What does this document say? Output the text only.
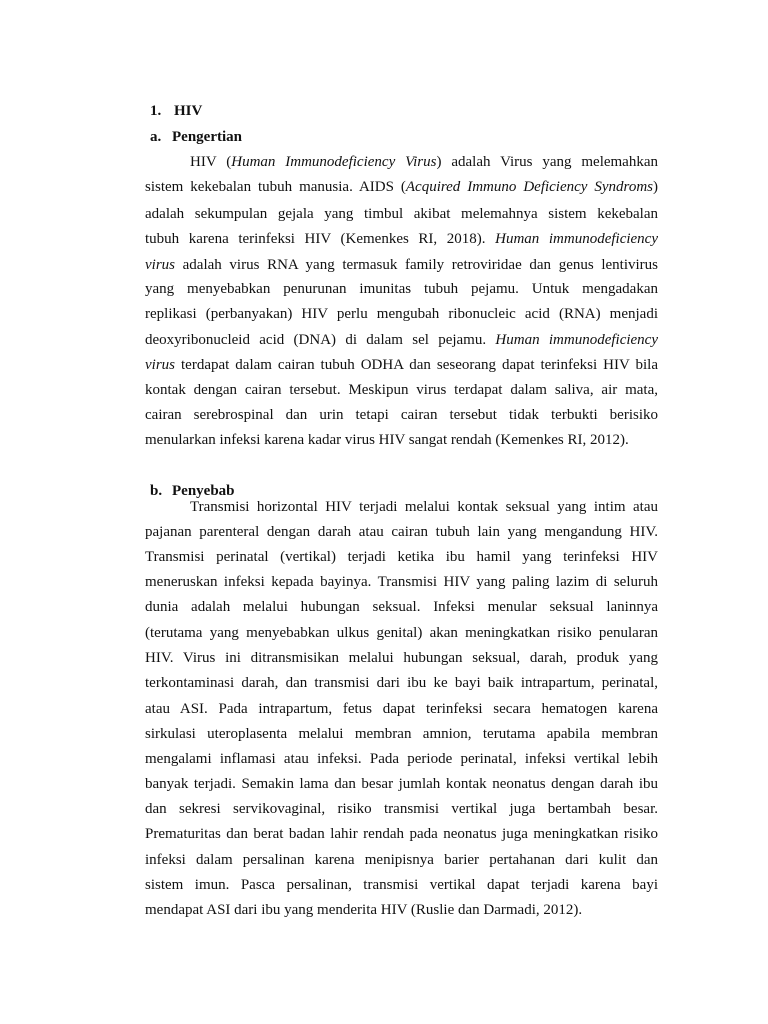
1. HIV
a. Pengertian
HIV (Human Immunodeficiency Virus) adalah Virus yang melemahkan
sistem kekebalan tubuh manusia. AIDS (Acquired Immuno Deficiency Syndroms)
adalah sekumpulan gejala yang timbul akibat melemahnya sistem kekebalan
tubuh karena terinfeksi HIV (Kemenkes RI, 2018). Human immunodeficiency
virus adalah virus RNA yang termasuk family retroviridae dan genus lentivirus
yang menyebabkan penurunan imunitas tubuh pejamu. Untuk mengadakan
replikasi (perbanyakan) HIV perlu mengubah ribonucleic acid (RNA) menjadi
deoxyribonucleid acid (DNA) di dalam sel pejamu. Human immunodeficiency
virus terdapat dalam cairan tubuh ODHA dan seseorang dapat terinfeksi HIV bila
kontak dengan cairan tersebut. Meskipun virus terdapat dalam saliva, air mata,
cairan serebrospinal dan urin tetapi cairan tersebut tidak terbukti berisiko
menularkan infeksi karena kadar virus HIV sangat rendah (Kemenkes RI, 2012).
b. Penyebab
Transmisi horizontal HIV terjadi melalui kontak seksual yang intim atau
pajanan parenteral dengan darah atau cairan tubuh lain yang mengandung HIV.
Transmisi perinatal (vertikal) terjadi ketika ibu hamil yang terinfeksi HIV
meneruskan infeksi kepada bayinya. Transmisi HIV yang paling lazim di seluruh
dunia adalah melalui hubungan seksual. Infeksi menular seksual laninnya
(terutama yang menyebabkan ulkus genital) akan meningkatkan risiko penularan
HIV. Virus ini ditransmisikan melalui hubungan seksual, darah, produk yang
terkontaminasi darah, dan transmisi dari ibu ke bayi baik intrapartum, perinatal,
atau ASI. Pada intrapartum, fetus dapat terinfeksi secara hematogen karena
sirkulasi uteroplasenta melalui membran amnion, terutama apabila membran
mengalami inflamasi atau infeksi. Pada periode perinatal, infeksi vertikal lebih
banyak terjadi. Semakin lama dan besar jumlah kontak neonatus dengan darah ibu
dan sekresi servikovaginal, risiko transmisi vertikal juga bertambah besar.
Prematuritas dan berat badan lahir rendah pada neonatus juga meningkatkan risiko
infeksi dalam persalinan karena menipisnya barier pertahanan dari kulit dan
sistem imun. Pasca persalinan, transmisi vertikal dapat terjadi karena bayi
mendapat ASI dari ibu yang menderita HIV (Ruslie dan Darmadi, 2012).
